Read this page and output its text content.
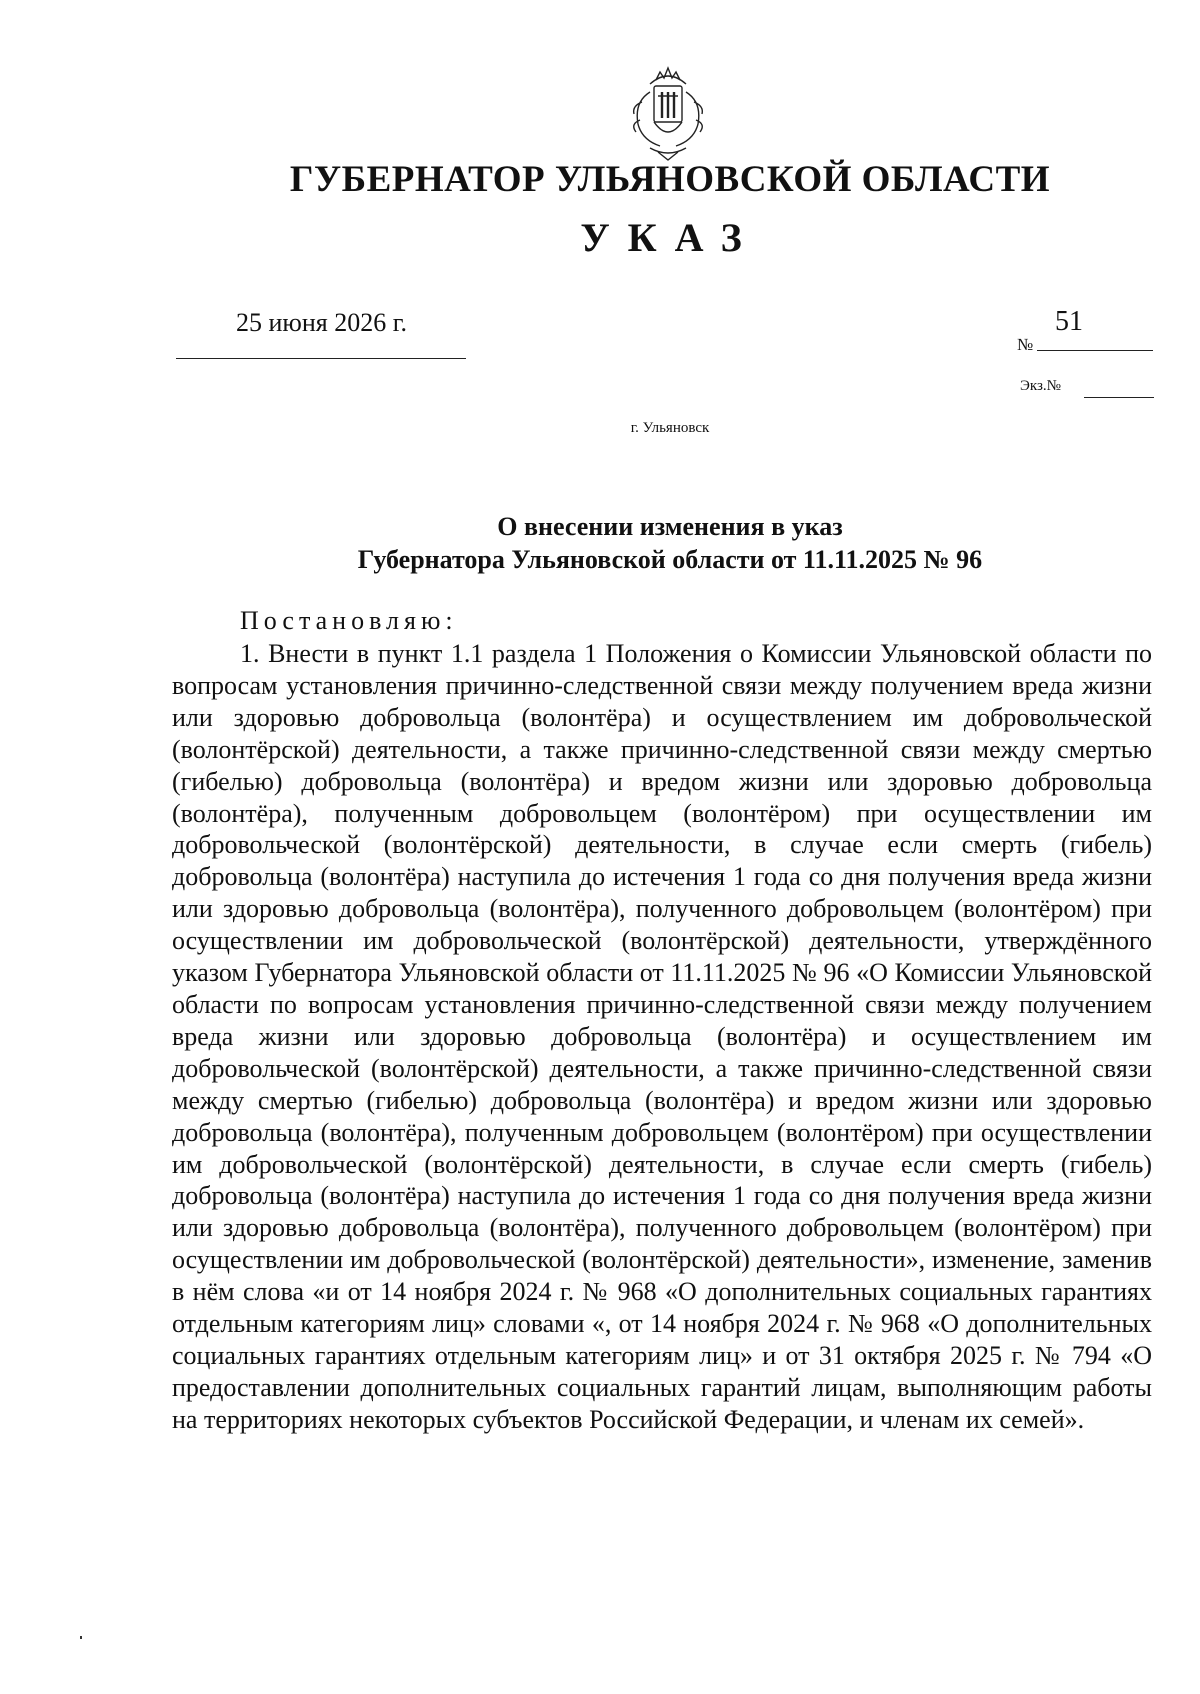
ГУБЕРНАТОР УЛЬЯНОВСКОЙ ОБЛАСТИ
УКАЗ
25 июня 2026 г.
№
51
Экз.№
г. Ульяновск
О внесении изменения в указ
Губернатора Ульяновской области от 11.11.2025 № 96
Постановляю:
1. Внести в пункт 1.1 раздела 1 Положения о Комиссии Ульяновской области по вопросам установления причинно-следственной связи между получением вреда жизни или здоровью добровольца (волонтёра) и осуществлением им добровольческой (волонтёрской) деятельности, а также причинно-следственной связи между смертью (гибелью) добровольца (волонтёра) и вредом жизни или здоровью добровольца (волонтёра), полученным добровольцем (волонтёром) при осуществлении им добровольческой (волонтёрской) деятельности, в случае если смерть (гибель) добровольца (волонтёра) наступила до истечения 1 года со дня получения вреда жизни или здоровью добровольца (волонтёра), полученного добровольцем (волонтёром) при осуществлении им добровольческой (волонтёрской) деятельности, утверждённого указом Губернатора Ульяновской области от 11.11.2025 № 96 «О Комиссии Ульяновской области по вопросам установления причинно-следственной связи между получением вреда жизни или здоровью добровольца (волонтёра) и осуществлением им добровольческой (волонтёрской) деятельности, а также причинно-следственной связи между смертью (гибелью) добровольца (волонтёра) и вредом жизни или здоровью добровольца (волонтёра), полученным добровольцем (волонтёром) при осуществлении им добровольческой (волонтёрской) деятельности, в случае если смерть (гибель) добровольца (волонтёра) наступила до истечения 1 года со дня получения вреда жизни или здоровью добровольца (волонтёра), полученного добровольцем (волонтёром) при осуществлении им добровольческой (волонтёрской) деятельности», изменение, заменив в нём слова «и от 14 ноября 2024 г. № 968 «О дополнительных социальных гарантиях отдельным категориям лиц» словами «, от 14 ноября 2024 г. № 968 «О дополнительных социальных гарантиях отдельным категориям лиц» и от 31 октября 2025 г. № 794 «О предоставлении дополнительных социальных гарантий лицам, выполняющим работы на территориях некоторых субъектов Российской Федерации, и членам их семей».
